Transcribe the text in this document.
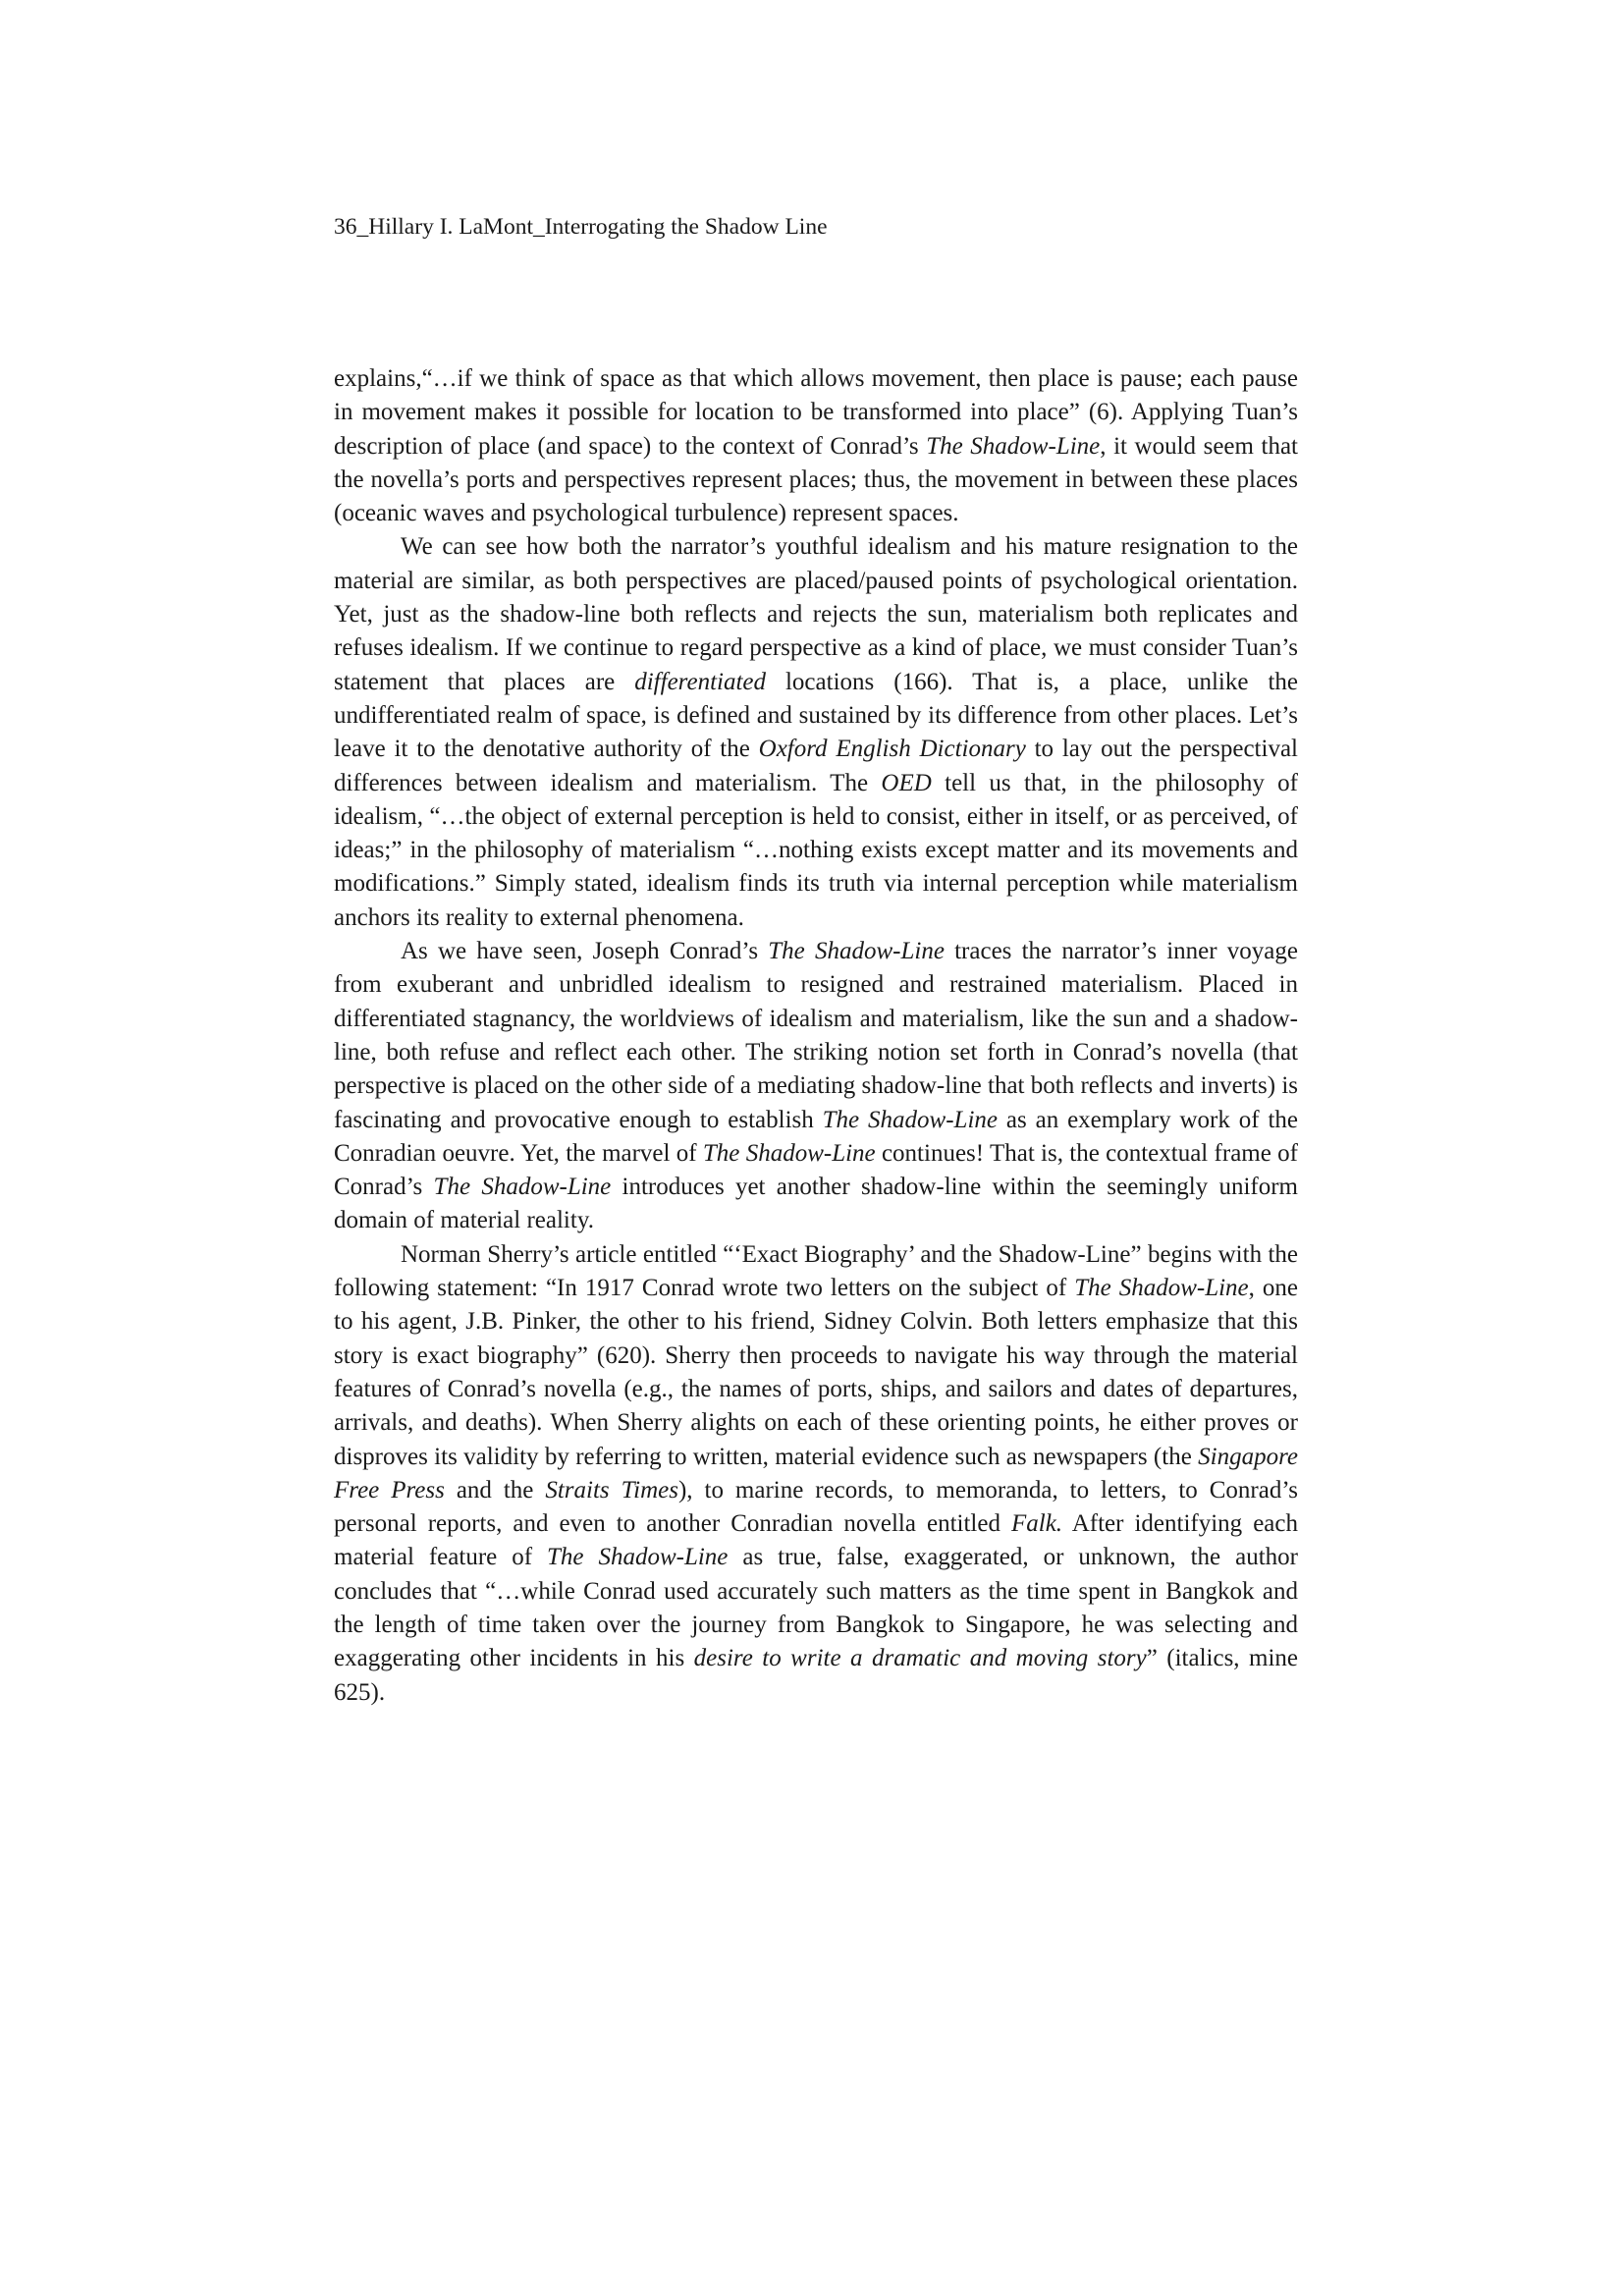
36_Hillary I. LaMont_Interrogating the Shadow Line

explains,“…if we think of space as that which allows movement, then place is pause; each pause in movement makes it possible for location to be transformed into place” (6). Applying Tuan’s description of place (and space) to the context of Conrad’s The Shadow-Line, it would seem that the novella’s ports and perspectives represent places; thus, the movement in between these places (oceanic waves and psychological turbulence) represent spaces.

We can see how both the narrator’s youthful idealism and his mature resignation to the material are similar, as both perspectives are placed/paused points of psychological orientation. Yet, just as the shadow-line both reflects and rejects the sun, materialism both replicates and refuses idealism. If we continue to regard perspective as a kind of place, we must consider Tuan’s statement that places are differentiated locations (166). That is, a place, unlike the undifferentiated realm of space, is defined and sustained by its difference from other places. Let’s leave it to the denotative authority of the Oxford English Dictionary to lay out the perspectival differences between idealism and materialism. The OED tell us that, in the philosophy of idealism, “…the object of external perception is held to consist, either in itself, or as perceived, of ideas;” in the philosophy of materialism “…nothing exists except matter and its movements and modifications.” Simply stated, idealism finds its truth via internal perception while materialism anchors its reality to external phenomena.

As we have seen, Joseph Conrad’s The Shadow-Line traces the narrator’s inner voyage from exuberant and unbridled idealism to resigned and restrained materialism. Placed in differentiated stagnancy, the worldviews of idealism and materialism, like the sun and a shadow-line, both refuse and reflect each other. The striking notion set forth in Conrad’s novella (that perspective is placed on the other side of a mediating shadow-line that both reflects and inverts) is fascinating and provocative enough to establish The Shadow-Line as an exemplary work of the Conradian oeuvre. Yet, the marvel of The Shadow-Line continues! That is, the contextual frame of Conrad’s The Shadow-Line introduces yet another shadow-line within the seemingly uniform domain of material reality.

Norman Sherry’s article entitled “‘Exact Biography’ and the Shadow-Line” begins with the following statement: “In 1917 Conrad wrote two letters on the subject of The Shadow-Line, one to his agent, J.B. Pinker, the other to his friend, Sidney Colvin. Both letters emphasize that this story is exact biography” (620). Sherry then proceeds to navigate his way through the material features of Conrad’s novella (e.g., the names of ports, ships, and sailors and dates of departures, arrivals, and deaths). When Sherry alights on each of these orienting points, he either proves or disproves its validity by referring to written, material evidence such as newspapers (the Singapore Free Press and the Straits Times), to marine records, to memoranda, to letters, to Conrad’s personal reports, and even to another Conradian novella entitled Falk. After identifying each material feature of The Shadow-Line as true, false, exaggerated, or unknown, the author concludes that “…while Conrad used accurately such matters as the time spent in Bangkok and the length of time taken over the journey from Bangkok to Singapore, he was selecting and exaggerating other incidents in his desire to write a dramatic and moving story” (italics, mine 625).
